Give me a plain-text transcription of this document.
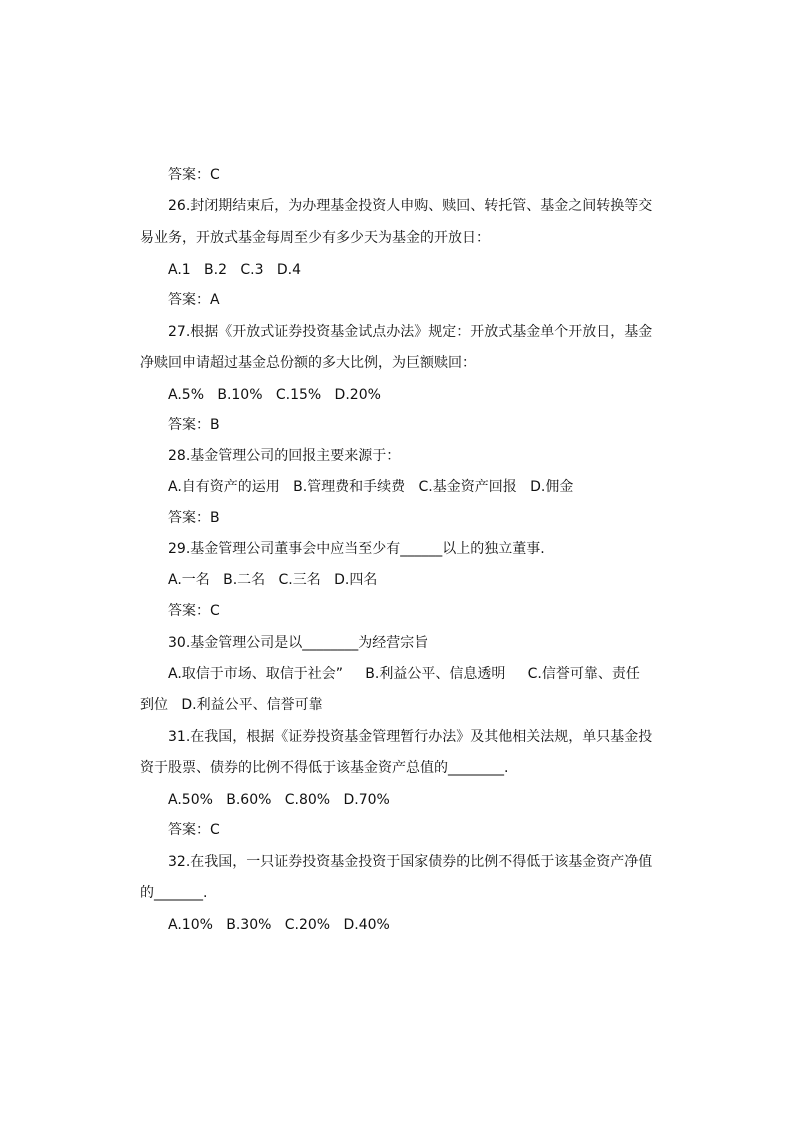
答案：C
26.封闭期结束后，为办理基金投资人申购、赎回、转托管、基金之间转换等交
易业务，开放式基金每周至少有多少天为基金的开放日：
A.1   B.2   C.3   D.4
答案：A
27.根据《开放式证券投资基金试点办法》规定：开放式基金单个开放日，基金
净赎回申请超过基金总份额的多大比例，为巨额赎回：
A.5%   B.10%   C.15%   D.20%
答案：B
28.基金管理公司的回报主要来源于：
A.自有资产的运用   B.管理费和手续费   C.基金资产回报   D.佣金
答案：B
29.基金管理公司董事会中应当至少有______以上的独立董事.
A.一名   B.二名   C.三名   D.四名
答案：C
30.基金管理公司是以________为经营宗旨
A.取信于市场、取信于社会”     B.利益公平、信息透明     C.信誉可靠、责任
到位   D.利益公平、信誉可靠
31.在我国，根据《证券投资基金管理暂行办法》及其他相关法规，单只基金投
资于股票、债券的比例不得低于该基金资产总值的________.
A.50%   B.60%   C.80%   D.70%
答案：C
32.在我国，一只证券投资基金投资于国家债券的比例不得低于该基金资产净值
的_______.
A.10%   B.30%   C.20%   D.40%
